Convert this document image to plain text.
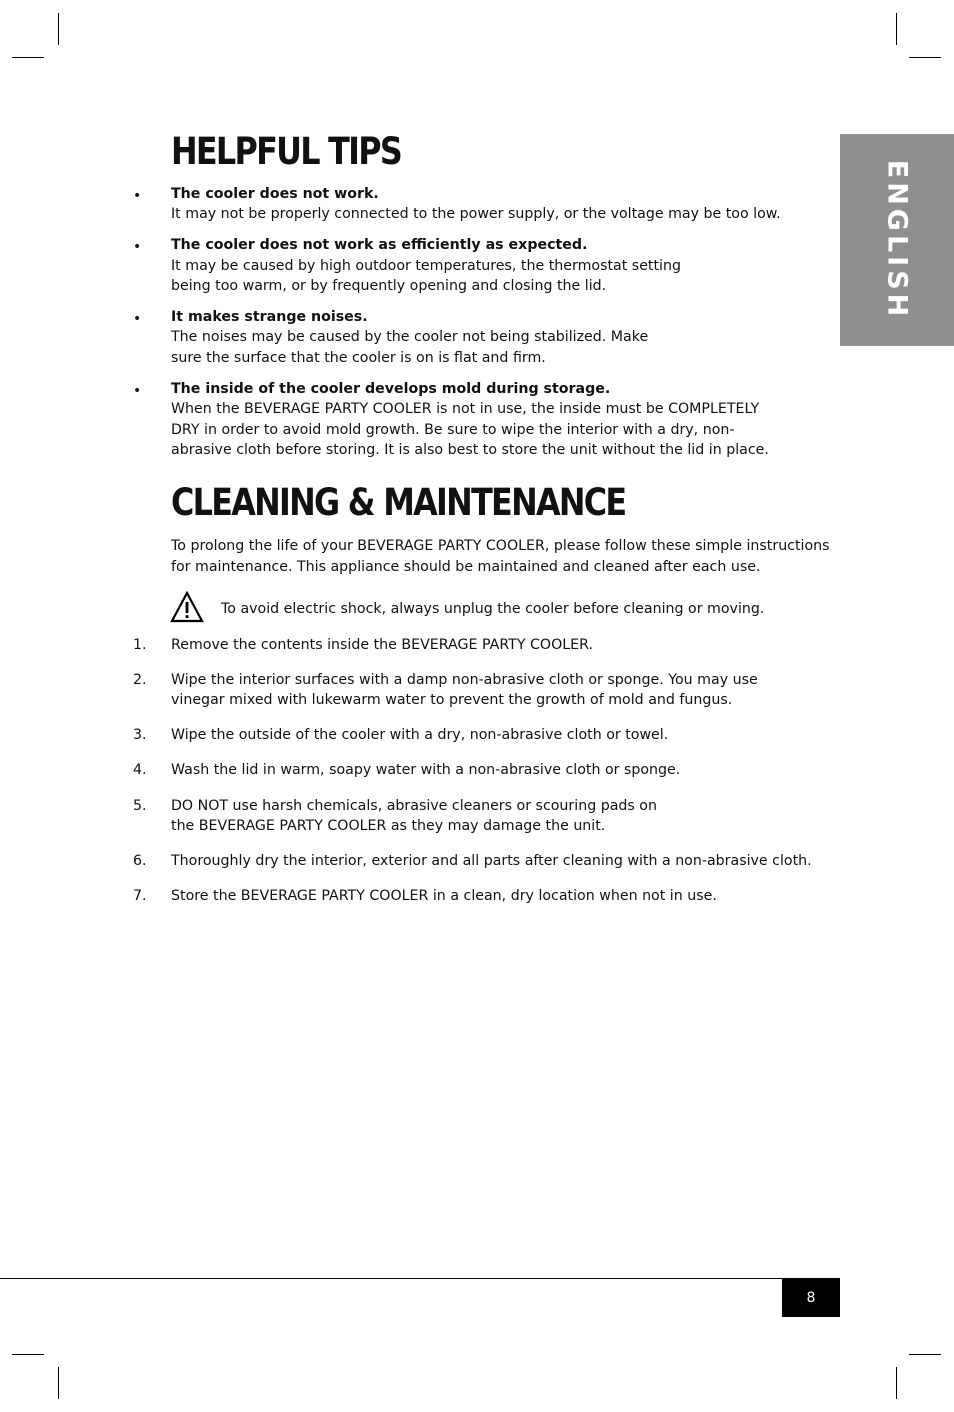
ENGLISH
HELPFUL TIPS
• The cooler does not work.
It may not be properly connected to the power supply, or the voltage may be too low.
• The cooler does not work as efficiently as expected.
It may be caused by high outdoor temperatures, the thermostat setting
being too warm, or by frequently opening and closing the lid.
• It makes strange noises.
The noises may be caused by the cooler not being stabilized. Make
sure the surface that the cooler is on is flat and firm.
• The inside of the cooler develops mold during storage.
When the BEVERAGE PARTY COOLER is not in use, the inside must be COMPLETELY
DRY in order to avoid mold growth. Be sure to wipe the interior with a dry, non-
abrasive cloth before storing. It is also best to store the unit without the lid in place.
CLEANING & MAINTENANCE
To prolong the life of your BEVERAGE PARTY COOLER, please follow these simple instructions
for maintenance. This appliance should be maintained and cleaned after each use.
To avoid electric shock, always unplug the cooler before cleaning or moving.
1. Remove the contents inside the BEVERAGE PARTY COOLER.
2. Wipe the interior surfaces with a damp non-abrasive cloth or sponge. You may use
vinegar mixed with lukewarm water to prevent the growth of mold and fungus.
3. Wipe the outside of the cooler with a dry, non-abrasive cloth or towel.
4. Wash the lid in warm, soapy water with a non-abrasive cloth or sponge.
5. DO NOT use harsh chemicals, abrasive cleaners or scouring pads on
the BEVERAGE PARTY COOLER as they may damage the unit.
6. Thoroughly dry the interior, exterior and all parts after cleaning with a non-abrasive cloth.
7. Store the BEVERAGE PARTY COOLER in a clean, dry location when not in use.
8
